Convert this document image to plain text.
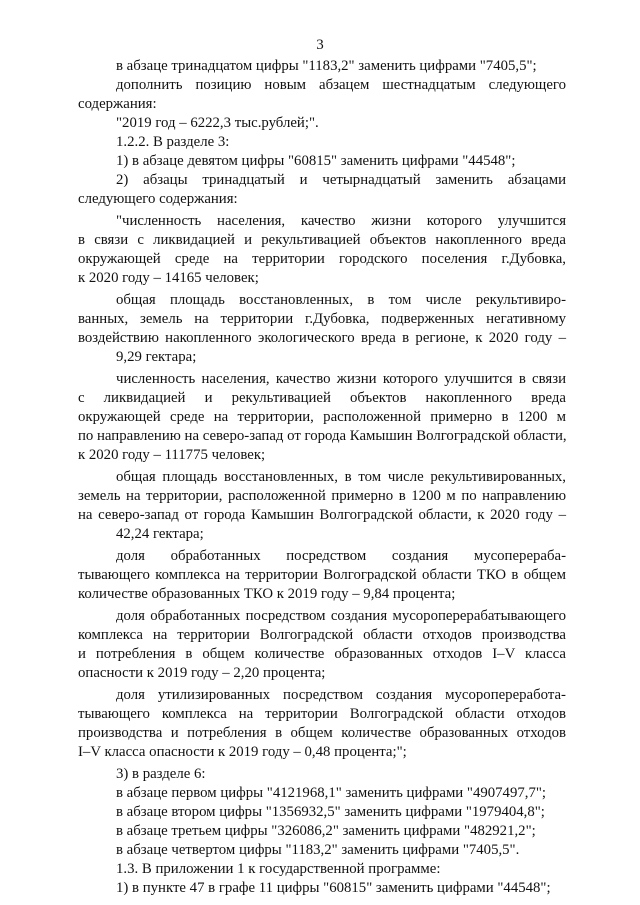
3
в абзаце тринадцатом цифры "1183,2" заменить цифрами "7405,5";
дополнить позицию новым абзацем шестнадцатым следующего
содержания:
"2019 год – 6222,3 тыс.рублей;".
1.2.2. В разделе 3:
1) в абзаце девятом цифры "60815" заменить цифрами "44548";
2) абзацы тринадцатый и четырнадцатый заменить абзацами
следующего содержания:
"численность населения, качество жизни которого улучшится
в связи с ликвидацией и рекультивацией объектов накопленного вреда
окружающей среде на территории городского поселения г.Дубовка,
к 2020 году – 14165 человек;
общая площадь восстановленных, в том числе рекультивиро-
ванных, земель на территории г.Дубовка, подверженных негативному
воздействию накопленного экологического вреда в регионе, к 2020 году –
9,29 гектара;
численность населения, качество жизни которого улучшится в связи
с ликвидацией и рекультивацией объектов накопленного вреда
окружающей среде на территории, расположенной примерно в 1200 м
по направлению на северо-запад от города Камышин Волгоградской области,
к 2020 году – 111775 человек;
общая площадь восстановленных, в том числе рекультивированных,
земель на территории, расположенной примерно в 1200 м по направлению
на северо-запад от города Камышин Волгоградской области, к 2020 году –
42,24 гектара;
доля обработанных посредством создания мусоперераба-
тывающего комплекса на территории Волгоградской области ТКО в общем
количестве образованных ТКО к 2019 году – 9,84 процента;
доля обработанных посредством создания мусороперерабатывающего
комплекса на территории Волгоградской области отходов производства
и потребления в общем количестве образованных отходов I–V класса
опасности к 2019 году – 2,20 процента;
доля утилизированных посредством создания мусоропереработа-
тывающего комплекса на территории Волгоградской области отходов
производства и потребления в общем количестве образованных отходов
I–V класса опасности к 2019 году – 0,48 процента;";
3) в разделе 6:
в абзаце первом цифры "4121968,1" заменить цифрами "4907497,7";
в абзаце втором цифры "1356932,5" заменить цифрами "1979404,8";
в абзаце третьем цифры "326086,2" заменить цифрами "482921,2";
в абзаце четвертом цифры "1183,2" заменить цифрами "7405,5".
1.3. В приложении 1 к государственной программе:
1) в пункте 47 в графе 11 цифры "60815" заменить цифрами "44548";
